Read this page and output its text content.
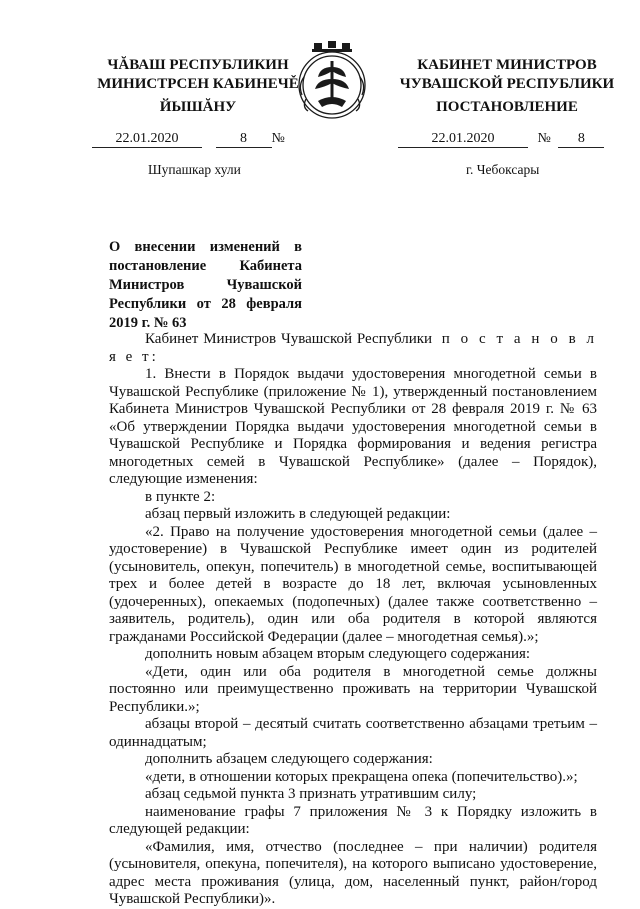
ЧĂВАШ РЕСПУБЛИКИН
МИНИСТРСЕН КАБИНЕЧĚ
ЙЫШĂНУ
КАБИНЕТ МИНИСТРОВ
ЧУВАШСКОЙ РЕСПУБЛИКИ
ПОСТАНОВЛЕНИЕ
22.01.2020	8 №	22.01.2020	№ 8
Шупашкар хули	г. Чебоксары
О внесении изменений в постановление Кабинета Министров Чувашской Республики от 28 февраля 2019 г. № 63

Кабинет Министров Чувашской Республики п о с т а н о в л я е т:

1. Внести в Порядок выдачи удостоверения многодетной семьи в Чувашской Республике (приложение № 1), утвержденный постановлением Кабинета Министров Чувашской Республики от 28 февраля 2019 г. № 63 «Об утверждении Порядка выдачи удостоверения многодетной семьи в Чувашской Республике и Порядка формирования и ведения регистра многодетных семей в Чувашской Республике» (далее – Порядок), следующие изменения:

в пункте 2:

абзац первый изложить в следующей редакции:

«2. Право на получение удостоверения многодетной семьи (далее – удостоверение) в Чувашской Республике имеет один из родителей (усыновитель, опекун, попечитель) в многодетной семье, воспитывающей трех и более детей в возрасте до 18 лет, включая усыновленных (удочеренных), опекаемых (подопечных) (далее также соответственно – заявитель, родитель), один или оба родителя в которой являются гражданами Российской Федерации (далее – многодетная семья).»;

дополнить новым абзацем вторым следующего содержания:

«Дети, один или оба родителя в многодетной семье должны постоянно или преимущественно проживать на территории Чувашской Республики.»;

абзацы второй – десятый считать соответственно абзацами третьим – одиннадцатым;

дополнить абзацем следующего содержания:

«дети, в отношении которых прекращена опека (попечительство).»;

абзац седьмой пункта 3 признать утратившим силу;

наименование графы 7 приложения № 3 к Порядку изложить в следующей редакции:

«Фамилия, имя, отчество (последнее – при наличии) родителя (усыновителя, опекуна, попечителя), на которого выписано удостоверение, адрес места проживания (улица, дом, населенный пункт, район/город Чувашской Республики)».
